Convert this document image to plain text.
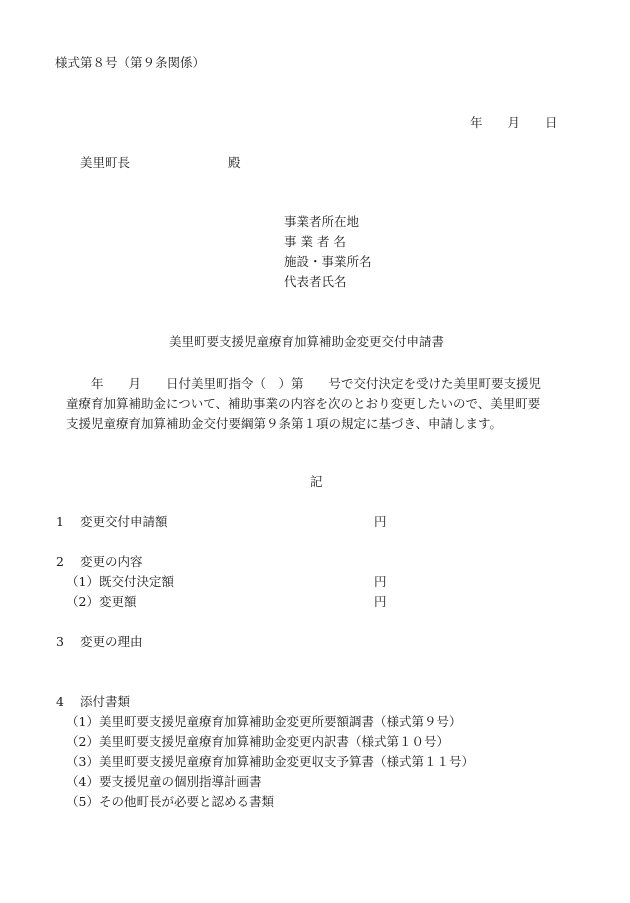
様式第８号（第９条関係）
年　　月　　日
美里町長	殿
事業者所在地
事 業 者 名
施設・事業所名
代表者氏名
美里町要支援児童療育加算補助金変更交付申請書
　　年　　月　　日付美里町指令（　）第　　号で交付決定を受けた美里町要支援児
童療育加算補助金について、補助事業の内容を次のとおり変更したいので、美里町要
支援児童療育加算補助金交付要綱第９条第１項の規定に基づき、申請します。
記
1 変更交付申請額	円
2 変更の内容
（1）既交付決定額	円
（2）変更額	円
3 変更の理由
4 添付書類
（1）美里町要支援児童療育加算補助金変更所要額調書（様式第９号）
（2）美里町要支援児童療育加算補助金変更内訳書（様式第１０号）
（3）美里町要支援児童療育加算補助金変更収支予算書（様式第１１号）
（4）要支援児童の個別指導計画書
（5）その他町長が必要と認める書類
